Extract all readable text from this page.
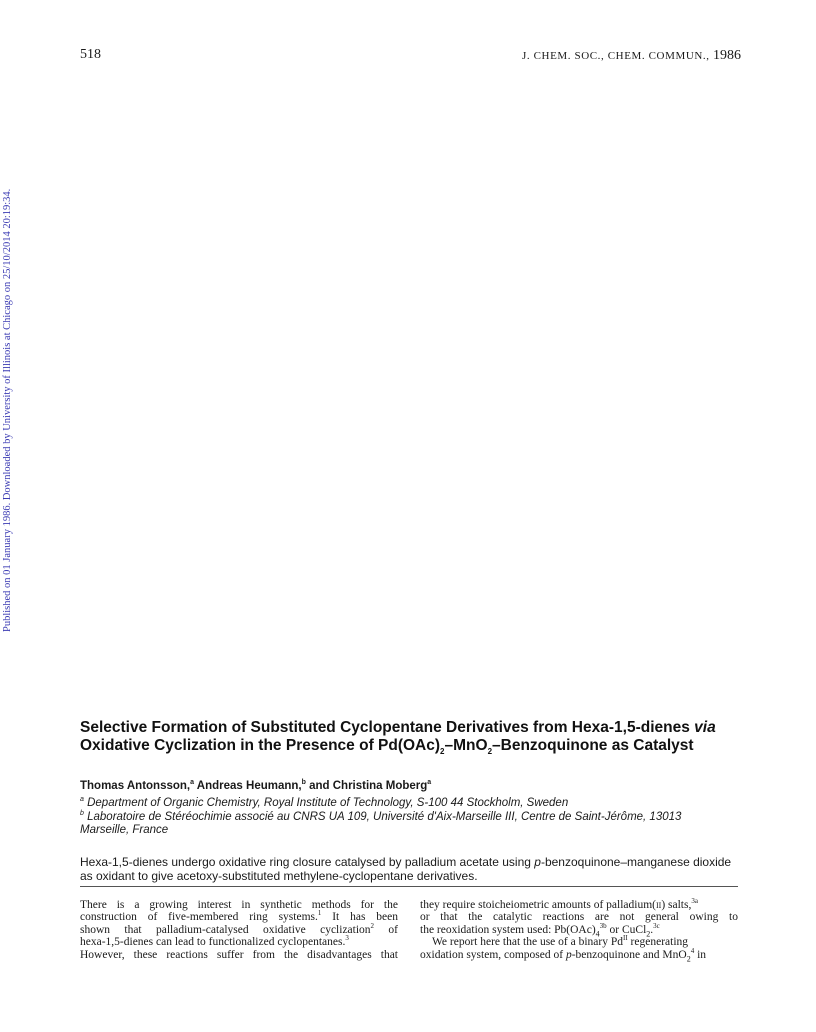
518	J. CHEM. SOC., CHEM. COMMUN., 1986
Published on 01 January 1986. Downloaded by University of Illinois at Chicago on 25/10/2014 20:19:34.
Selective Formation of Substituted Cyclopentane Derivatives from Hexa-1,5-dienes via Oxidative Cyclization in the Presence of $Pd(OAc)_2-MnO_2$–Benzoquinone as Catalyst
Thomas Antonsson,$^a$ Andreas Heumann,$^b$ and Christina Moberg$^a$
$^a$ Department of Organic Chemistry, Royal Institute of Technology, S-100 44 Stockholm, Sweden
$^b$ Laboratoire de Stéréochimie associé au CNRS UA 109, Université d'Aix-Marseille III, Centre de Saint-Jérôme, 13013 Marseille, France
Hexa-1,5-dienes undergo oxidative ring closure catalysed by palladium acetate using p-benzoquinone–manganese dioxide as oxidant to give acetoxy-substituted methylene-cyclopentane derivatives.
There is a growing interest in synthetic methods for the
construction of five-membered ring systems.$^1$ It has been
shown that palladium-catalysed oxidative cyclization$^2$ of
hexa-1,5-dienes can lead to functionalized cyclopentanes.$^3$
However, these reactions suffer from the disadvantages that
they require stoicheiometric amounts of palladium(ii) salts,$^{3a}$
or that the catalytic reactions are not general owing to
the reoxidation system used: $Pb(OAc)_4^{3b}$ or CuCl$_2$.$^{3c}$
We report here that the use of a binary $Pd^{II}$ regenerating
oxidation system, composed of p-benzoquinone and MnO$_2^4$ in
